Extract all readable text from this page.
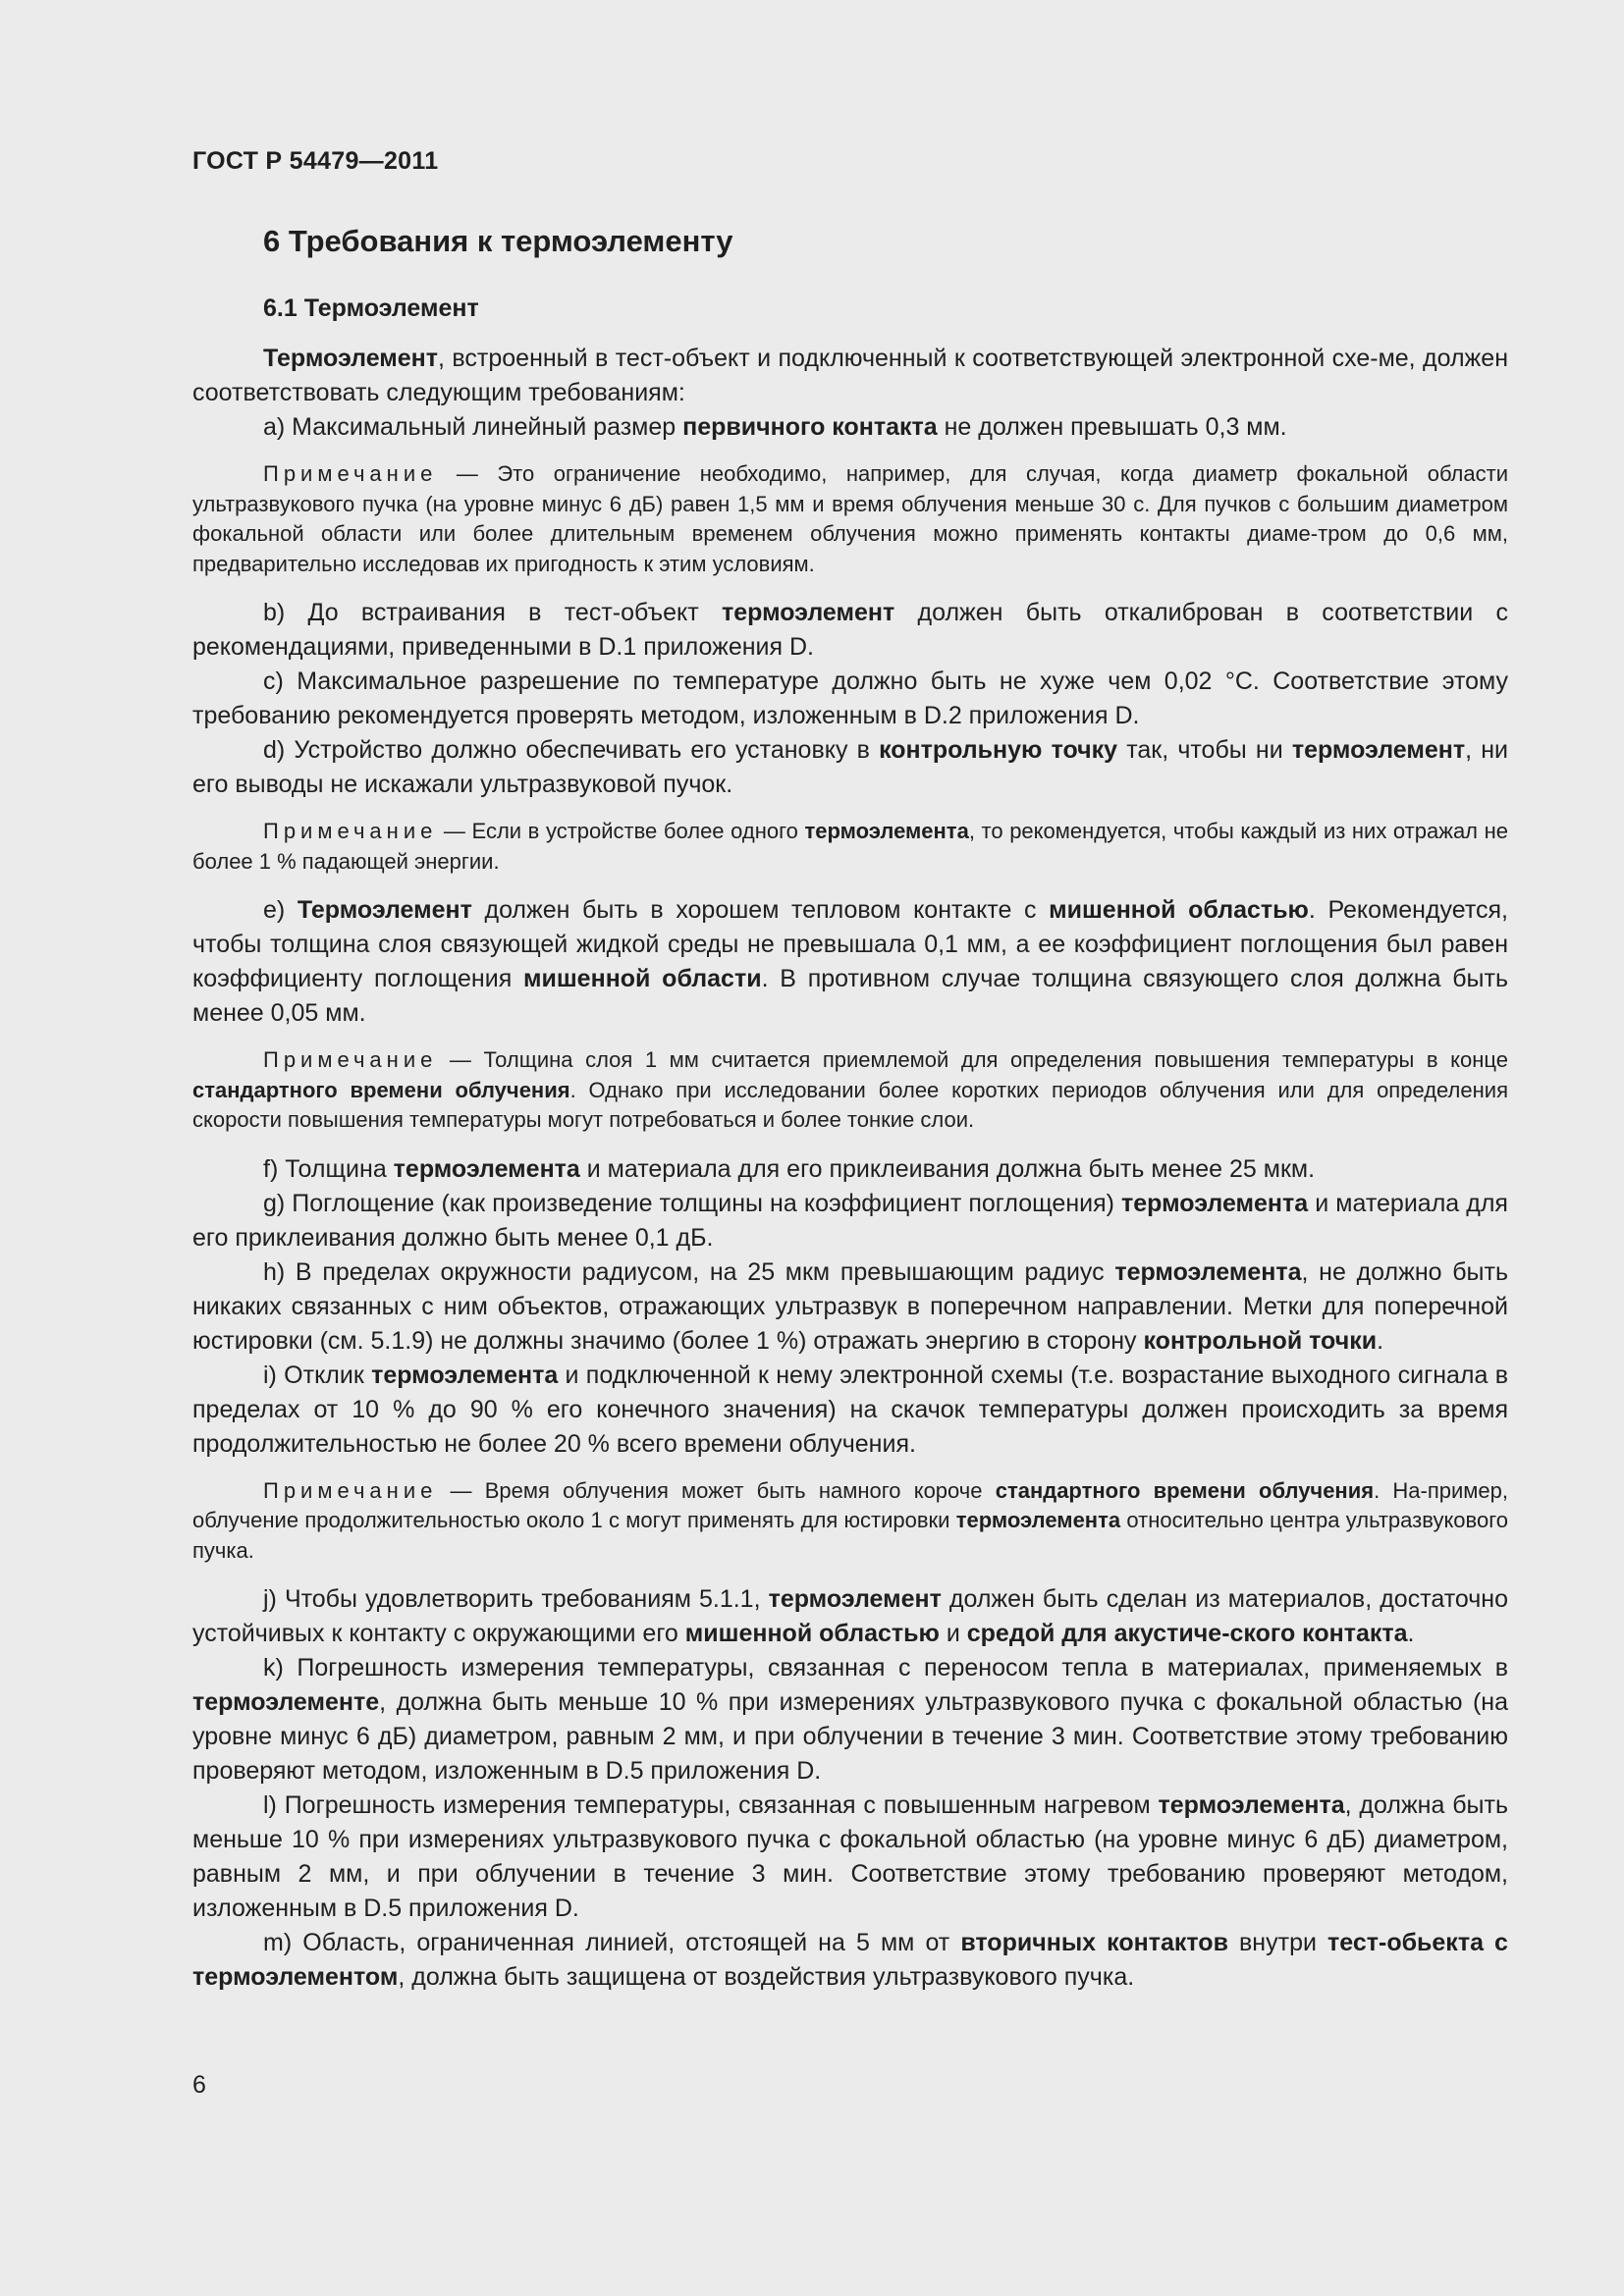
ГОСТ Р 54479—2011
6 Требования к термоэлементу
6.1 Термоэлемент

Термоэлемент, встроенный в тест-объект и подключенный к соответствующей электронной схе-ме, должен соответствовать следующим требованиям:

a) Максимальный линейный размер первичного контакта не должен превышать 0,3 мм.

Примечание — Это ограничение необходимо, например, для случая, когда диаметр фокальной области ультразвукового пучка (на уровне минус 6 дБ) равен 1,5 мм и время облучения меньше 30 с. Для пучков с большим диаметром фокальной области или более длительным временем облучения можно применять контакты диаме-тром до 0,6 мм, предварительно исследовав их пригодность к этим условиям.

b) До встраивания в тест-объект термоэлемент должен быть откалиброван в соответствии с рекомендациями, приведенными в D.1 приложения D.

c) Максимальное разрешение по температуре должно быть не хуже чем 0,02 °C. Соответствие этому требованию рекомендуется проверять методом, изложенным в D.2 приложения D.

d) Устройство должно обеспечивать его установку в контрольную точку так, чтобы ни термоэлемент, ни его выводы не искажали ультразвуковой пучок.

Примечание — Если в устройстве более одного термоэлемента, то рекомендуется, чтобы каждый из них отражал не более 1 % падающей энергии.

e) Термоэлемент должен быть в хорошем тепловом контакте с мишенной областью. Рекомендуется, чтобы толщина слоя связующей жидкой среды не превышала 0,1 мм, а ее коэффициент поглощения был равен коэффициенту поглощения мишенной области. В противном случае толщина связующего слоя должна быть менее 0,05 мм.

Примечание — Толщина слоя 1 мм считается приемлемой для определения повышения температуры в конце стандартного времени облучения. Однако при исследовании более коротких периодов облучения или для определения скорости повышения температуры могут потребоваться и более тонкие слои.

f) Толщина термоэлемента и материала для его приклеивания должна быть менее 25 мкм.

g) Поглощение (как произведение толщины на коэффициент поглощения) термоэлемента и материала для его приклеивания должно быть менее 0,1 дБ.

h) В пределах окружности радиусом, на 25 мкм превышающим радиус термоэлемента, не должно быть никаких связанных с ним объектов, отражающих ультразвук в поперечном направлении. Метки для поперечной юстировки (см. 5.1.9) не должны значимо (более 1 %) отражать энергию в сторону контрольной точки.

i) Отклик термоэлемента и подключенной к нему электронной схемы (т.е. возрастание выходного сигнала в пределах от 10 % до 90 % его конечного значения) на скачок температуры должен происходить за время продолжительностью не более 20 % всего времени облучения.

Примечание — Время облучения может быть намного короче стандартного времени облучения. На-пример, облучение продолжительностью около 1 с могут применять для юстировки термоэлемента относительно центра ультразвукового пучка.

j) Чтобы удовлетворить требованиям 5.1.1, термоэлемент должен быть сделан из материалов, достаточно устойчивых к контакту с окружающими его мишенной областью и средой для акустиче-ского контакта.

k) Погрешность измерения температуры, связанная с переносом тепла в материалах, применяемых в термоэлементе, должна быть меньше 10 % при измерениях ультразвукового пучка с фокальной областью (на уровне минус 6 дБ) диаметром, равным 2 мм, и при облучении в течение 3 мин. Соответствие этому требованию проверяют методом, изложенным в D.5 приложения D.

l) Погрешность измерения температуры, связанная с повышенным нагревом термоэлемента, должна быть меньше 10 % при измерениях ультразвукового пучка с фокальной областью (на уровне минус 6 дБ) диаметром, равным 2 мм, и при облучении в течение 3 мин. Соответствие этому требованию проверяют методом, изложенным в D.5 приложения D.

m) Область, ограниченная линией, отстоящей на 5 мм от вторичных контактов внутри тест-обьекта с термоэлементом, должна быть защищена от воздействия ультразвукового пучка.

6
